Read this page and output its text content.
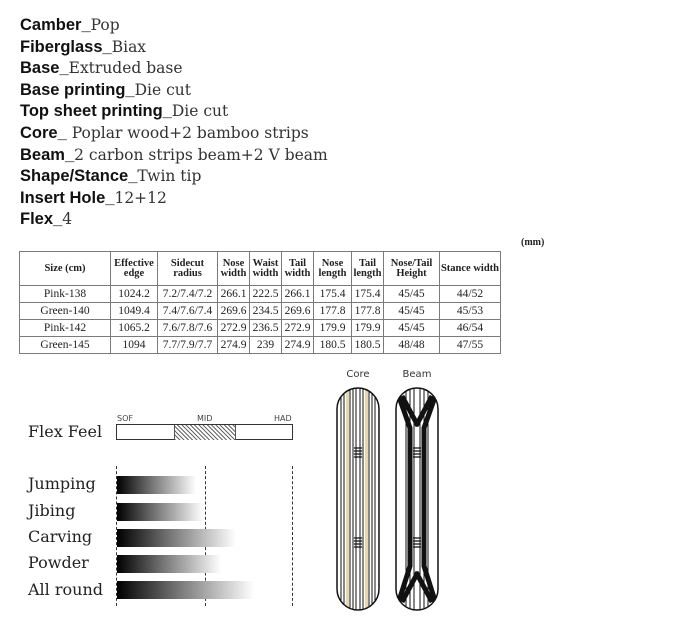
Camber_Pop
Fiberglass_Biax
Base_Extruded base
Base printing_Die cut
Top sheet printing_Die cut
Core_ Poplar wood+2 bamboo strips
Beam_2 carbon strips beam+2 V beam
Shape/Stance_Twin tip
Insert Hole_12+12
Flex_4
(mm)
Size (cm)	Effective edge	Sidecut radius	Nose width	Waist width	Tail width	Nose length	Tail length	Nose/Tail Height	Stance width
Pink-138	1024.2	7.2/7.4/7.2	266.1	222.5	266.1	175.4	175.4	45/45	44/52
Green-140	1049.4	7.4/7.6/7.4	269.6	234.5	269.6	177.8	177.8	45/45	45/53
Pink-142	1065.2	7.6/7.8/7.6	272.9	236.5	272.9	179.9	179.9	45/45	46/54
Green-145	1094	7.7/7.9/7.7	274.9	239	274.9	180.5	180.5	48/48	47/55
SOF	MID	HAD
Flex Feel
Jumping
Jibing
Carving
Powder
All round
Core	Beam
